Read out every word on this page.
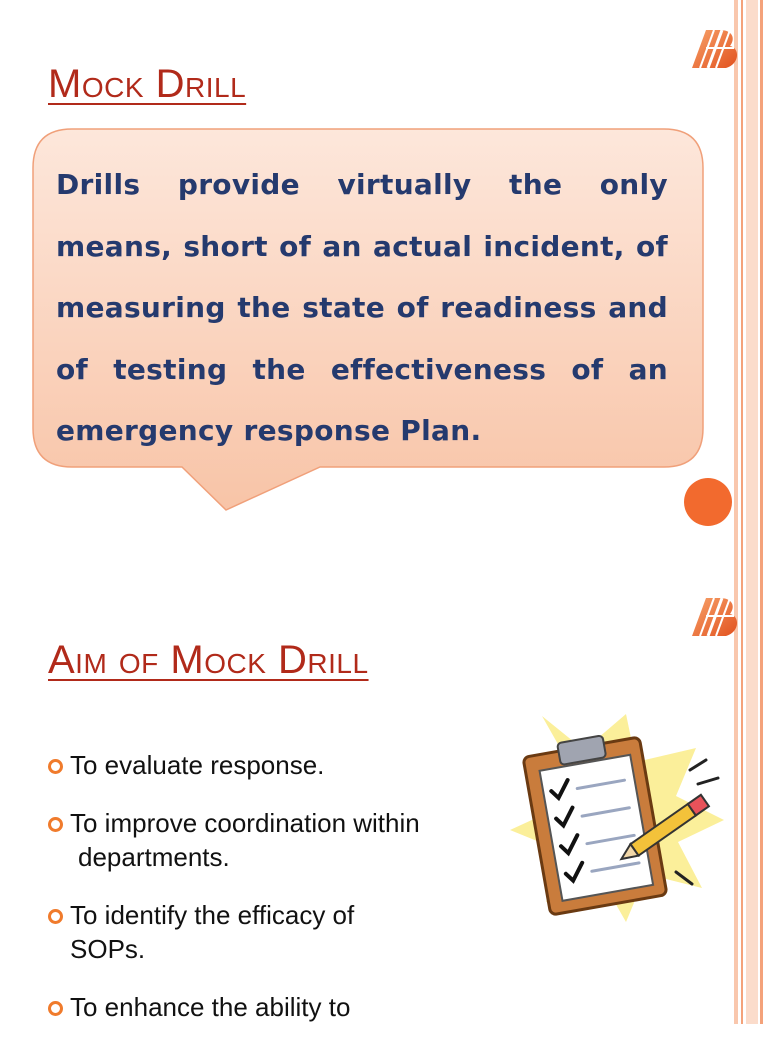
Mock Drill

Drills provide virtually the only means, short of an actual incident, of measuring the state of readiness and of testing the effectiveness of an emergency response Plan.

Aim of Mock Drill
To evaluate response.
To improve coordination within
departments.
To identify the efficacy of
SOPs.
To enhance the ability to
